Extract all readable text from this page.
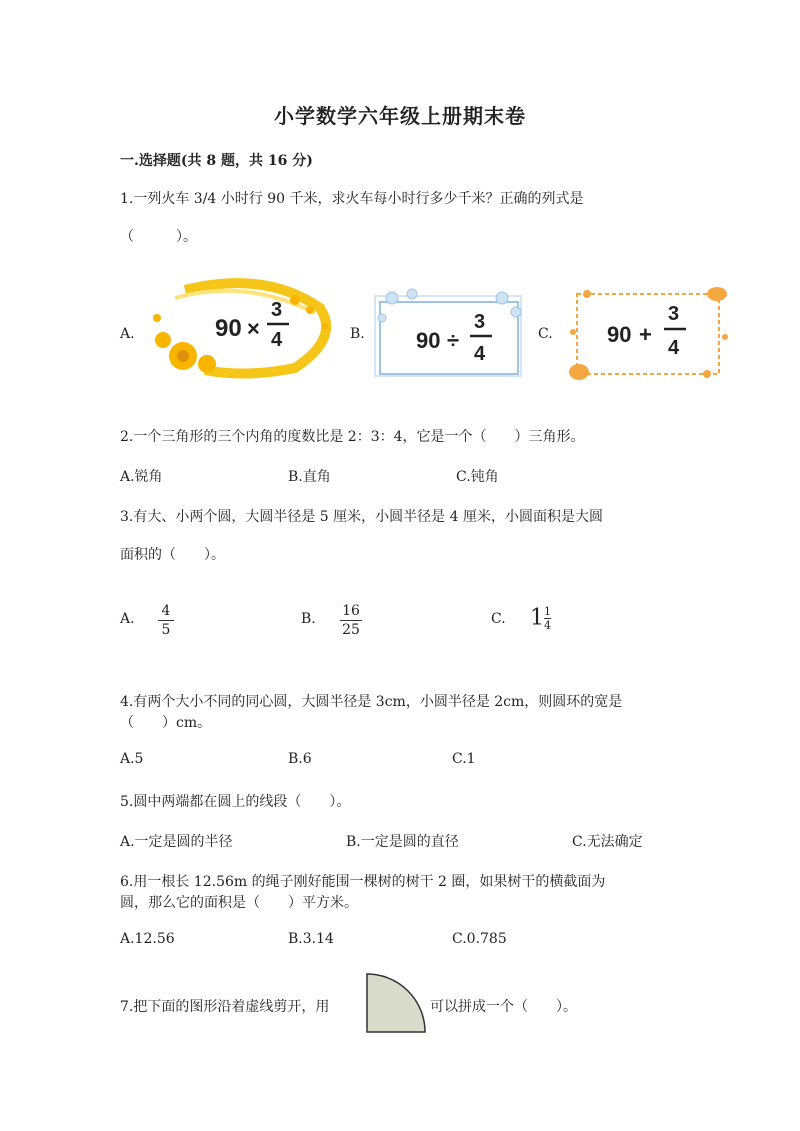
小学数学六年级上册期末卷
一.选择题(共 8 题，共 16 分)
1.一列火车 3/4 小时行 90 千米，求火车每小时行多少千米？正确的列式是
（　　　）。
A.	90 ×
3
4	B. 90 ÷
3
4
C. 90 +
3
4
2.一个三角形的三个内角的度数比是 2：3：4，它是一个（　　）三角形。
A.锐角	B.直角	C.钝角
3.有大、小两个圆，大圆半径是 5 厘米，小圆半径是 4 厘米，小圆面积是大圆
面积的（　　）。
A. 4
5
B. 16
25
C. $1 \frac{1}{4}$
4.有两个大小不同的同心圆，大圆半径是 3cm，小圆半径是 2cm，则圆环的宽是
（　　）cm。
A.5	B.6	C.1
5.圆中两端都在圆上的线段（　　）。
A.一定是圆的半径	B.一定是圆的直径	C.无法确定
6.用一根长 12.56m 的绳子刚好能围一棵树的树干 2 圈，如果树干的横截面为
圆，那么它的面积是（　　）平方米。
A.12.56	B.3.14	C.0.785
7.把下面的图形沿着虚线剪开，用	可以拼成一个（　　）。
